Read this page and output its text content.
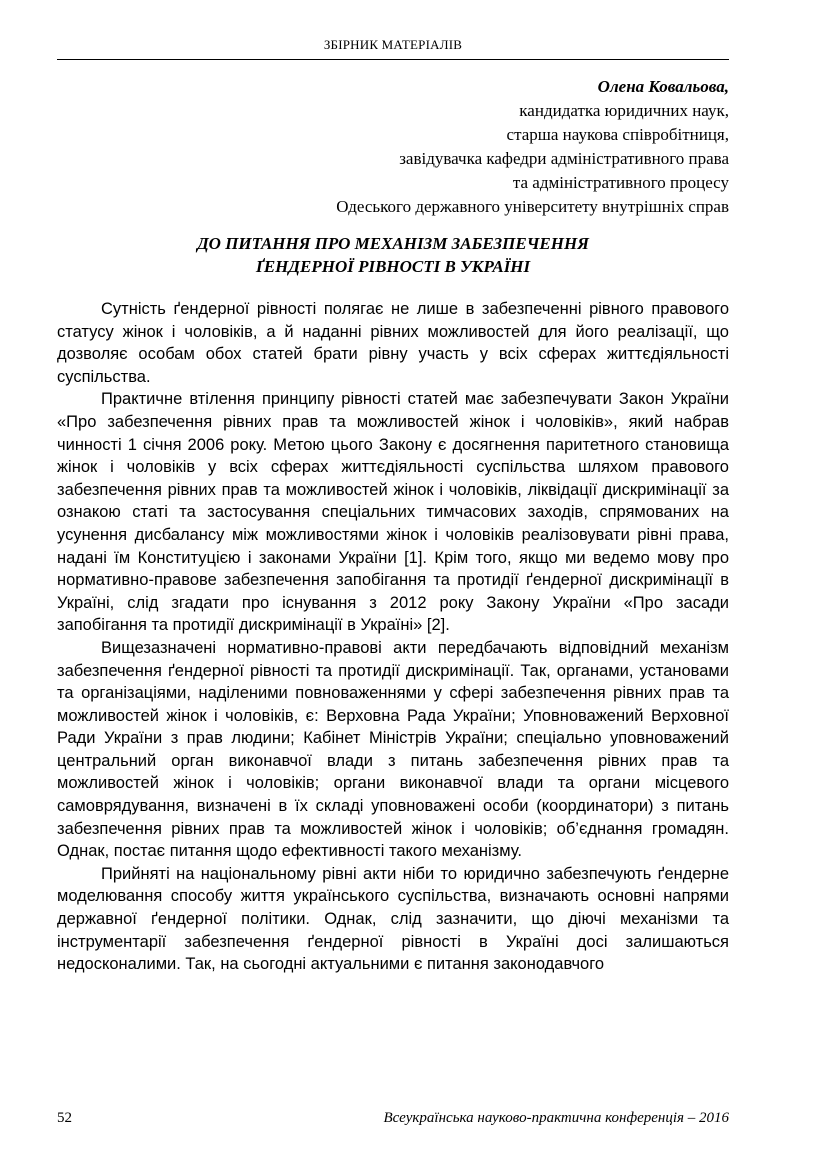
ЗБІРНИК МАТЕРІАЛІВ
Олена Ковальова,
кандидатка юридичних наук,
старша наукова співробітниця,
завідувачка кафедри адміністративного права
та адміністративного процесу
Одеського державного університету внутрішніх справ
ДО ПИТАННЯ ПРО МЕХАНІЗМ ЗАБЕЗПЕЧЕННЯ
ҐЕНДЕРНОЇ РІВНОСТІ В УКРАЇНІ

Сутність ґендерної рівності полягає не лише в забезпеченні рівного правового статусу жінок і чоловіків, а й наданні рівних можливостей для його реалізації, що дозволяє особам обох статей брати рівну участь у всіх сферах життєдіяльності суспільства.

Практичне втілення принципу рівності статей має забезпечувати Закон України «Про забезпечення рівних прав та можливостей жінок і чоловіків», який набрав чинності 1 січня 2006 року. Метою цього Закону є досягнення паритетного становища жінок і чоловіків у всіх сферах життєдіяльності суспільства шляхом правового забезпечення рівних прав та можливостей жінок і чоловіків, ліквідації дискримінації за ознакою статі та застосування спеціальних тимчасових заходів, спрямованих на усунення дисбалансу між можливостями жінок і чоловіків реалізовувати рівні права, надані їм Конституцією і законами України [1]. Крім того, якщо ми ведемо мову про нормативно-правове забезпечення запобігання та протидії ґендерної дискримінації в Україні, слід згадати про існування з 2012 року Закону України «Про засади запобігання та протидії дискримінації в Україні» [2].

Вищезазначені нормативно-правові акти передбачають відповідний механізм забезпечення ґендерної рівності та протидії дискримінації. Так, органами, установами та організаціями, наділеними повноваженнями у сфері забезпечення рівних прав та можливостей жінок і чоловіків, є: Верховна Рада України; Уповноважений Верховної Ради України з прав людини; Кабінет Міністрів України; спеціально уповноважений центральний орган виконавчої влади з питань забезпечення рівних прав та можливостей жінок і чоловіків; органи виконавчої влади та органи місцевого самоврядування, визначені в їх складі уповноважені особи (координатори) з питань забезпечення рівних прав та можливостей жінок і чоловіків; об’єднання громадян. Однак, постає питання щодо ефективності такого механізму.

Прийняті на національному рівні акти ніби то юридично забезпечують ґендерне моделювання способу життя українського суспільства, визначають основні напрями державної ґендерної політики. Однак, слід зазначити, що діючі механізми та інструментарії забезпечення ґендерної рівності в Україні досі залишаються недосконалими. Так, на сьогодні актуальними є питання законодавчого

52	Всеукраїнська науково-практична конференція – 2016
